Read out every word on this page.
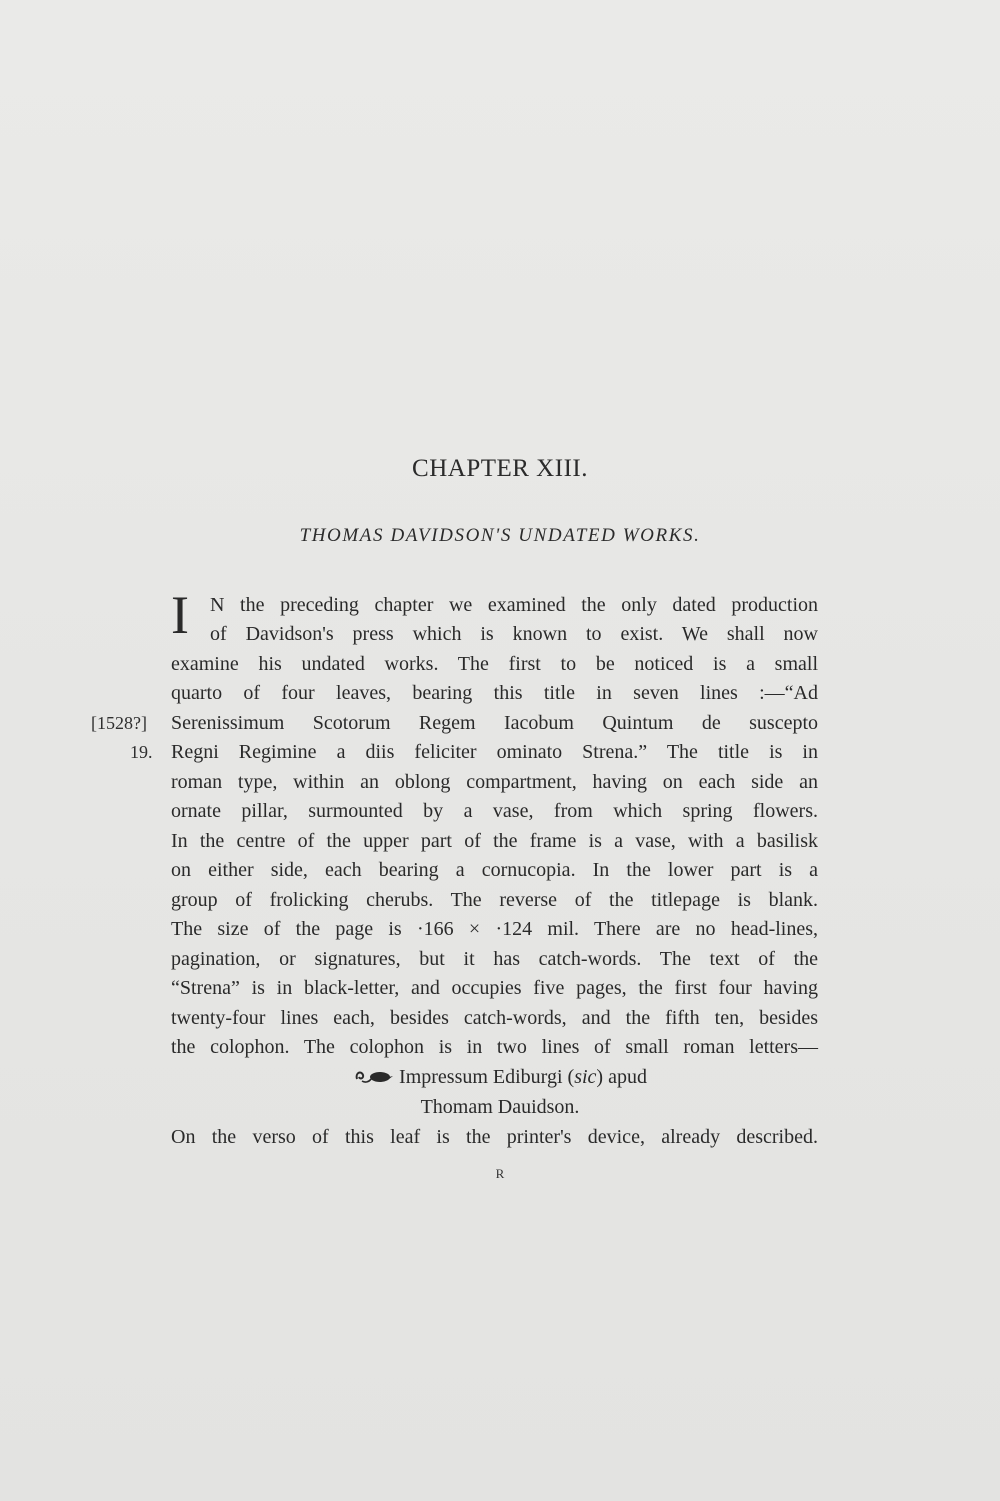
CHAPTER XIII.
THOMAS DAVIDSON'S UNDATED WORKS.
I N the preceding chapter we examined the only dated production
of Davidson's press which is known to exist. We shall now
examine his undated works. The first to be noticed is a small
quarto of four leaves, bearing this title in seven lines :—“Ad
Serenissimum Scotorum Regem Iacobum Quintum de suscepto
Regni Regimine a diis feliciter ominato Strena.” The title is in
roman type, within an oblong compartment, having on each side an
ornate pillar, surmounted by a vase, from which spring flowers.
In the centre of the upper part of the frame is a vase, with a basilisk
on either side, each bearing a cornucopia. In the lower part is a
group of frolicking cherubs. The reverse of the titlepage is blank.
The size of the page is ·166 × ·124 mil. There are no head-lines,
pagination, or signatures, but it has catch-words. The text of the
“Strena” is in black-letter, and occupies five pages, the first four having
twenty-four lines each, besides catch-words, and the fifth ten, besides
the colophon. The colophon is in two lines of small roman letters—
[1528?]
19.
Impressum Ediburgi (sic) apud
Thomam Dauidson.
On the verso of this leaf is the printer's device, already described.
R
